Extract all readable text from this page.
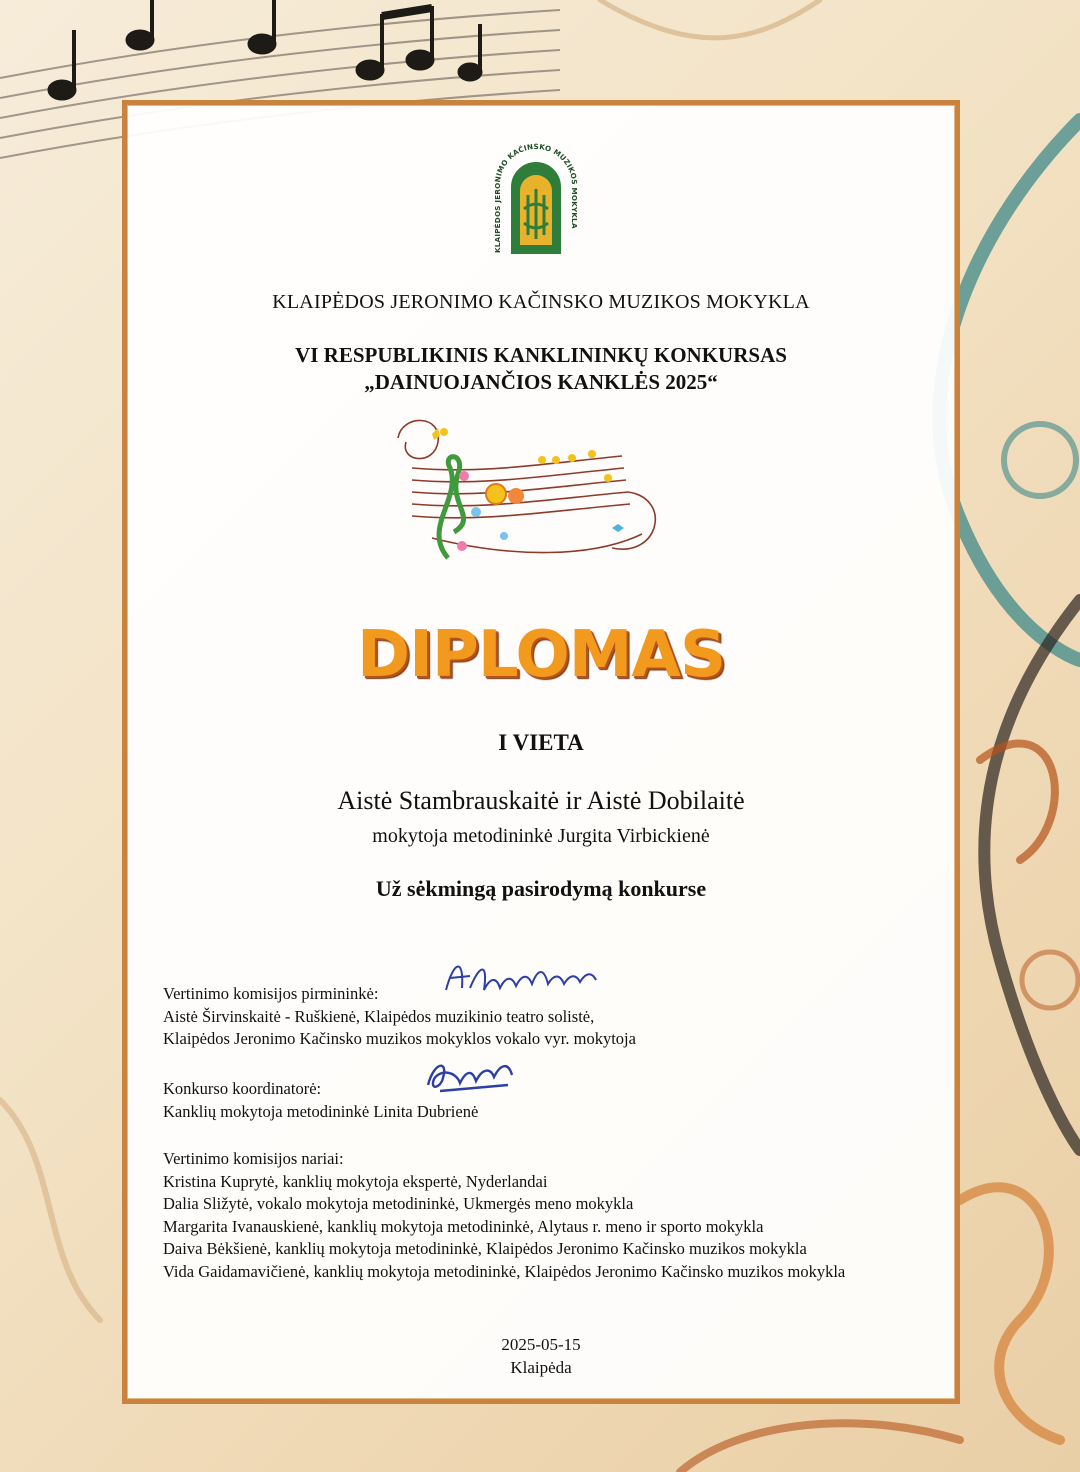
KLAIPĖDOS JERONIMO KAČINSKO MUZIKOS MOKYKLA
KLAIPĖDOS JERONIMO KAČINSKO MUZIKOS MOKYKLA
VI RESPUBLIKINIS KANKLININKŲ KONKURSAS
„DAINUOJANČIOS KANKLĖS 2025“
DIPLOMAS
I VIETA
Aistė Stambrauskaitė ir Aistė Dobilaitė
mokytoja metodininkė Jurgita Virbickienė
Už sėkmingą pasirodymą konkurse
Vertinimo komisijos pirmininkė:
Aistė Širvinskaitė - Ruškienė, Klaipėdos muzikinio teatro solistė,
Klaipėdos Jeronimo Kačinsko muzikos mokyklos vokalo vyr. mokytoja
Konkurso koordinatorė:
Kanklių mokytoja metodininkė Linita Dubrienė
Vertinimo komisijos nariai:
Kristina Kuprytė, kanklių mokytoja ekspertė, Nyderlandai
Dalia Sližytė, vokalo mokytoja metodininkė, Ukmergės meno mokykla
Margarita Ivanauskienė, kanklių mokytoja metodininkė, Alytaus r. meno ir sporto mokykla
Daiva Bėkšienė, kanklių mokytoja metodininkė, Klaipėdos Jeronimo Kačinsko muzikos mokykla
Vida Gaidamavičienė, kanklių mokytoja metodininkė, Klaipėdos Jeronimo Kačinsko muzikos mokykla
2025-05-15
Klaipėda
